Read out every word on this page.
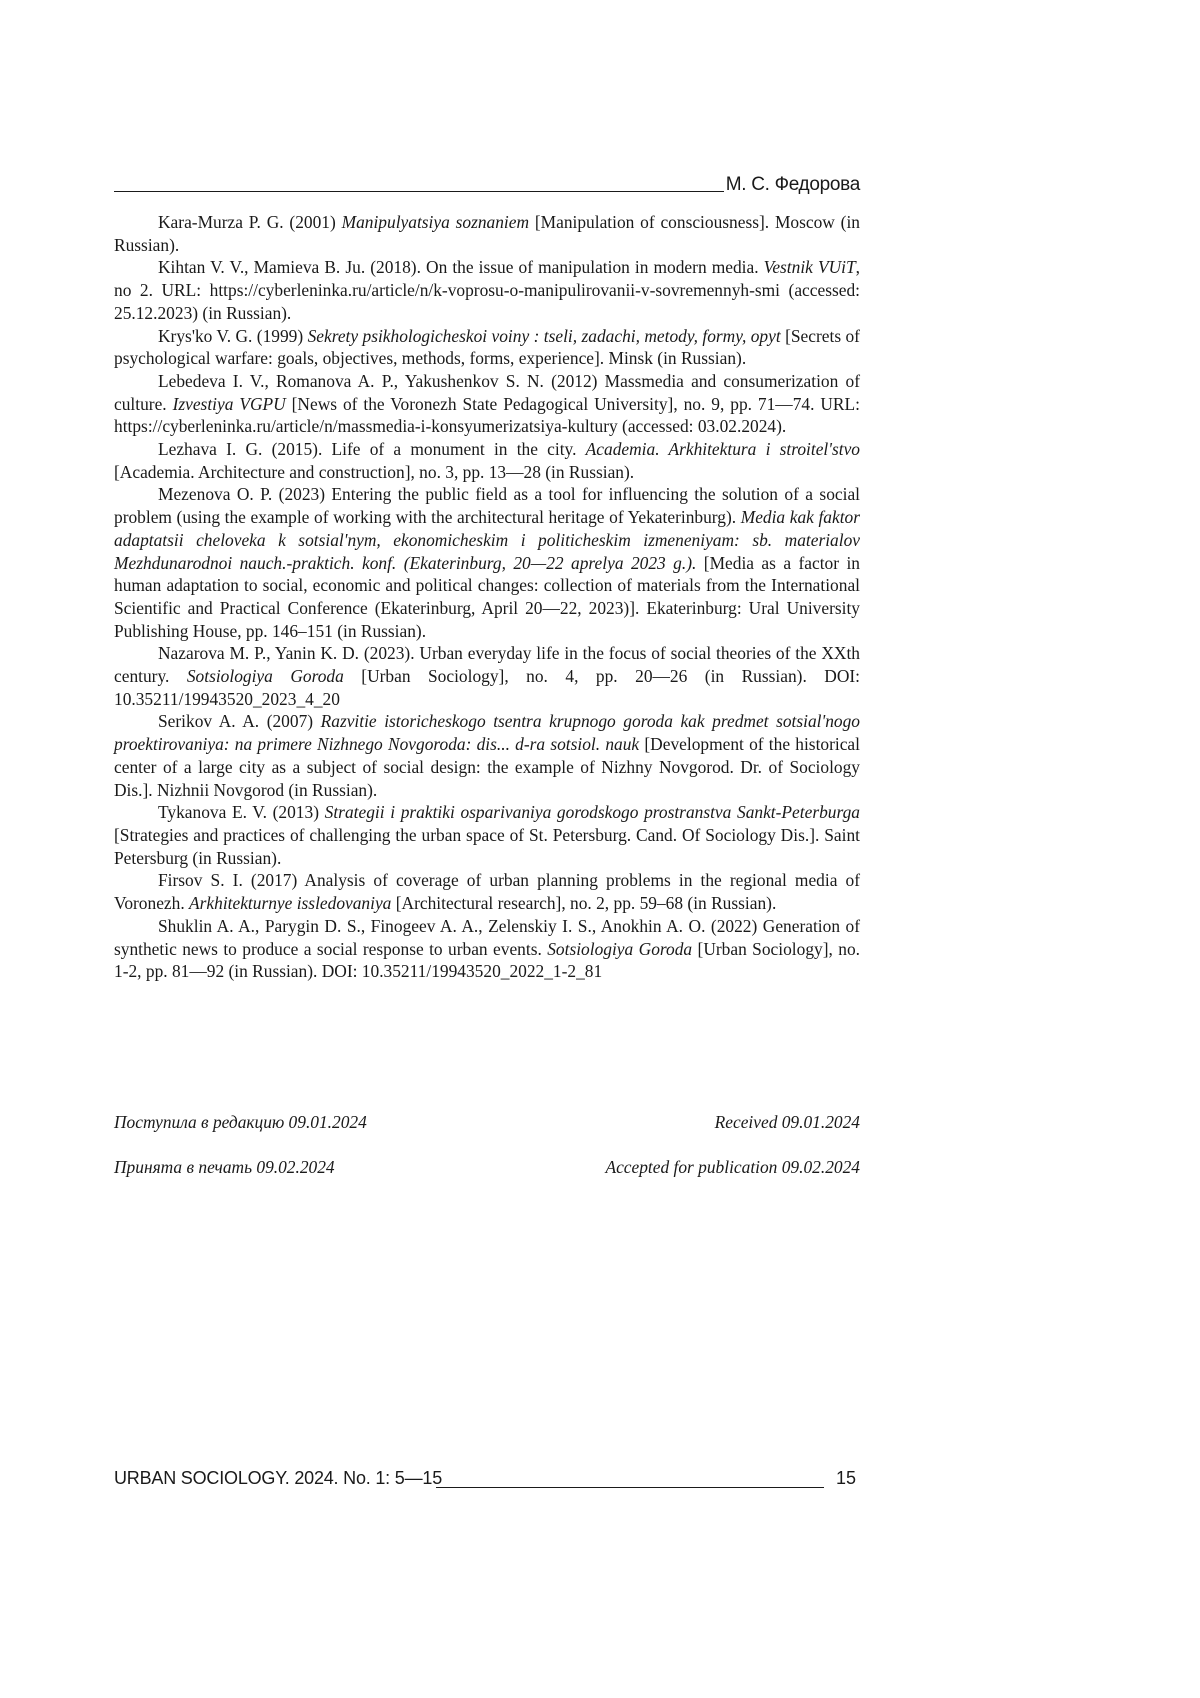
М. С. Федорова

Kara-Murza P. G. (2001) Manipulyatsiya soznaniem [Manipulation of consciousness]. Moscow (in Russian).

Kihtan V. V., Mamieva B. Ju. (2018). On the issue of manipulation in modern media. Vestnik VUiT, no 2. URL: https://cyberleninka.ru/article/n/k-voprosu-o-manipulirovanii-v-sovremennyh-smi (accessed: 25.12.2023) (in Russian).

Krys'ko V. G. (1999) Sekrety psikhologicheskoi voiny : tseli, zadachi, metody, formy, opyt [Secrets of psychological warfare: goals, objectives, methods, forms, experience]. Minsk (in Russian).

Lebedeva I. V., Romanova A. P., Yakushenkov S. N. (2012) Massmedia and consumerization of culture. Izvestiya VGPU [News of the Voronezh State Pedagogical University], no. 9, pp. 71—74. URL: https://cyberleninka.ru/article/n/massmedia-i-konsyumerizatsiya-kultury (accessed: 03.02.2024).

Lezhava I. G. (2015). Life of a monument in the city. Academia. Arkhitektura i stroitel'stvo [Academia. Architecture and construction], no. 3, pp. 13—28 (in Russian).

Mezenova O. P. (2023) Entering the public field as a tool for influencing the solution of a social problem (using the example of working with the architectural heritage of Yekaterinburg). Media kak faktor adaptatsii cheloveka k sotsial'nym, ekonomicheskim i politicheskim izmeneniyam: sb. materialov Mezhdunarodnoi nauch.-praktich. konf. (Ekaterinburg, 20—22 aprelya 2023 g.). [Media as a factor in human adaptation to social, economic and political changes: collection of materials from the International Scientific and Practical Conference (Ekaterinburg, April 20—22, 2023)]. Ekaterinburg: Ural University Publishing House, pp. 146–151 (in Russian).

Nazarova M. P., Yanin K. D. (2023). Urban everyday life in the focus of social theories of the XXth century. Sotsiologiya Goroda [Urban Sociology], no. 4, pp. 20—26 (in Russian). DOI: 10.35211/19943520_2023_4_20

Serikov A. A. (2007) Razvitie istoricheskogo tsentra krupnogo goroda kak predmet sotsial'nogo proektirovaniya: na primere Nizhnego Novgoroda: dis... d-ra sotsiol. nauk [Development of the historical center of a large city as a subject of social design: the example of Nizhny Novgorod. Dr. of Sociology Dis.]. Nizhnii Novgorod (in Russian).

Tykanova E. V. (2013) Strategii i praktiki osparivaniya gorodskogo prostranstva Sankt-Peterburga [Strategies and practices of challenging the urban space of St. Petersburg. Cand. Of Sociology Dis.]. Saint Petersburg (in Russian).

Firsov S. I. (2017) Analysis of coverage of urban planning problems in the regional media of Voronezh. Arkhitekturnye issledovaniya [Architectural research], no. 2, pp. 59–68 (in Russian).

Shuklin A. A., Parygin D. S., Finogeev A. A., Zelenskiy I. S., Anokhin A. O. (2022) Generation of synthetic news to produce a social response to urban events. Sotsiologiya Goroda [Urban Sociology], no. 1-2, pp. 81—92 (in Russian). DOI: 10.35211/19943520_2022_1-2_81

Поступила в редакцию 09.01.2024	Received 09.01.2024
Принята в печать 09.02.2024	Accepted for publication 09.02.2024
URBAN SOCIOLOGY. 2024. No. 1: 5—15	15
